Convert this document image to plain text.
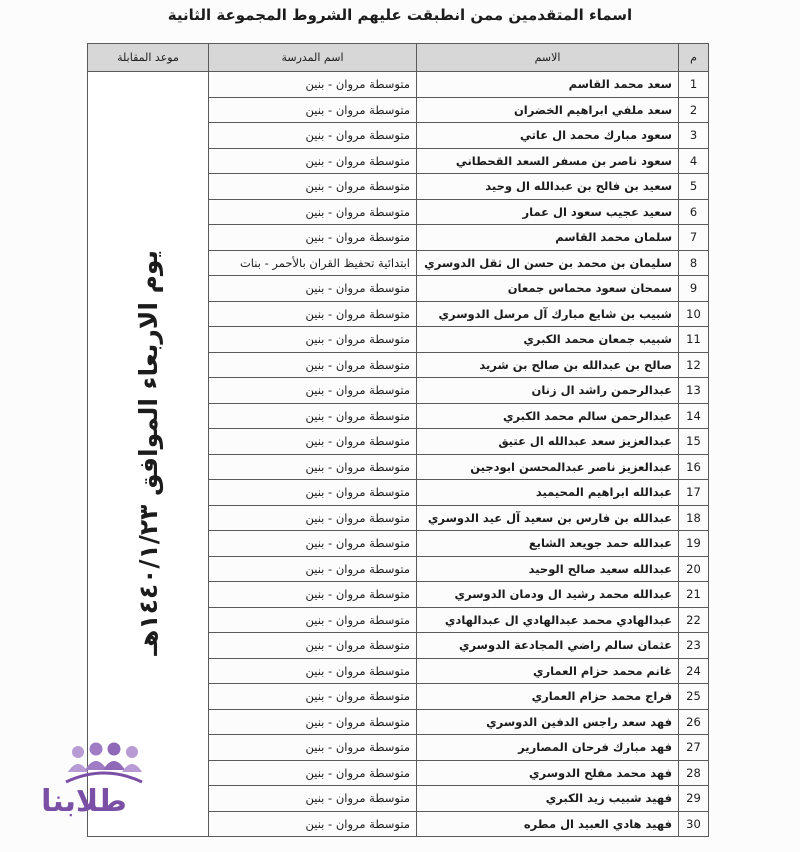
اسماء المتقدمين ممن انطبقت عليهم الشروط المجموعة الثانية
م	الاسم	اسم المدرسة	موعد المقابلة
1	سعد محمد القاسم	متوسطة مروان - بنين	يوم الاربعاء الموافق ١٤٤٠/١/٢٣هـ
2	سعد ملفي ابراهيم الخضران	متوسطة مروان - بنين	
3	سعود مبارك محمد ال عاتي	متوسطة مروان - بنين	
4	سعود ناصر بن مسفر السعد القحطاني	متوسطة مروان - بنين	
5	سعيد بن فالح بن عبدالله ال وحيد	متوسطة مروان - بنين	
6	سعيد عجيب سعود ال عمار	متوسطة مروان - بنين	
7	سلمان محمد القاسم	متوسطة مروان - بنين	
8	سليمان بن محمد بن حسن ال ثقل الدوسري	ابتدائية تحفيظ القران بالأحمر - بنات	
9	سمحان سعود محماس جمعان	متوسطة مروان - بنين	
10	شبيب بن شايع مبارك آل مرسل الدوسري	متوسطة مروان - بنين	
11	شبيب جمعان محمد الكبري	متوسطة مروان - بنين	
12	صالح بن عبدالله بن صالح بن شريد	متوسطة مروان - بنين	
13	عبدالرحمن راشد ال زنان	متوسطة مروان - بنين	
14	عبدالرحمن سالم محمد الكبري	متوسطة مروان - بنين	
15	عبدالعزيز سعد عبدالله ال عتيق	متوسطة مروان - بنين	
16	عبدالعزيز ناصر عبدالمحسن ابودجين	متوسطة مروان - بنين	
17	عبدالله ابراهيم المحيميد	متوسطة مروان - بنين	
18	عبدالله بن فارس بن سعيد آل عيد الدوسري	متوسطة مروان - بنين	
19	عبدالله حمد جويعد الشايع	متوسطة مروان - بنين	
20	عبدالله سعيد صالح الوحيد	متوسطة مروان - بنين	
21	عبدالله محمد رشيد ال ودمان الدوسري	متوسطة مروان - بنين	
22	عبدالهادي محمد عبدالهادي ال عبدالهادي	متوسطة مروان - بنين	
23	عثمان سالم راضي المجادعة الدوسري	متوسطة مروان - بنين	
24	غانم محمد حزام العماري	متوسطة مروان - بنين	
25	فراج محمد حزام العماري	متوسطة مروان - بنين	
26	فهد سعد راجس الدفين الدوسري	متوسطة مروان - بنين	
27	فهد مبارك فرحان المصارير	متوسطة مروان - بنين	
28	فهد محمد مفلح الدوسري	متوسطة مروان - بنين	
29	فهيد شبيب زيد الكبري	متوسطة مروان - بنين	
30	فهيد هادي العبيد ال مطره	متوسطة مروان - بنين	
طلابنا
